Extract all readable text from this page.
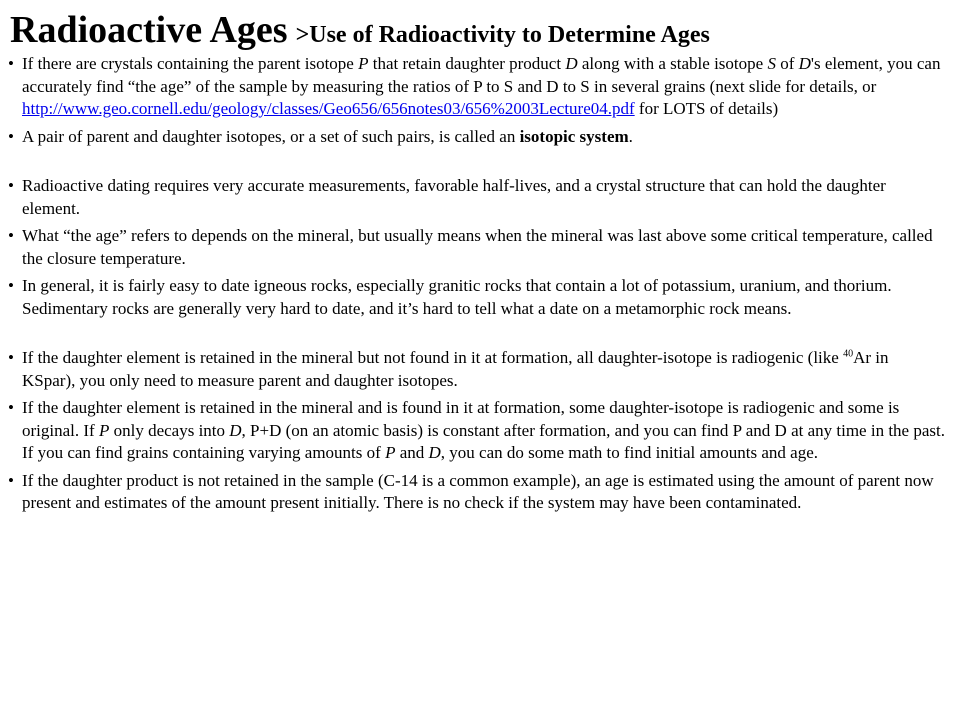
Radioactive Ages >Use of Radioactivity to Determine Ages
• If there are crystals containing the parent isotope P that retain daughter product D along with a stable isotope S of D's element, you can accurately find “the age” of the sample by measuring the ratios of P to S and D to S in several grains (next slide for details, or http://www.geo.cornell.edu/geology/classes/Geo656/656notes03/656%2003Lecture04.pdf for LOTS of details)
• A pair of parent and daughter isotopes, or a set of such pairs, is called an isotopic system.
• Radioactive dating requires very accurate measurements, favorable half-lives, and a crystal structure that can hold the daughter element.
• What “the age” refers to depends on the mineral, but usually means when the mineral was last above some critical temperature, called the closure temperature.
• In general, it is fairly easy to date igneous rocks, especially granitic rocks that contain a lot of potassium, uranium, and thorium. Sedimentary rocks are generally very hard to date, and it’s hard to tell what a date on a metamorphic rock means.
• If the daughter element is retained in the mineral but not found in it at formation, all daughter-isotope is radiogenic (like $^{40}$Ar in KSpar), you only need to measure parent and daughter isotopes.
• If the daughter element is retained in the mineral and is found in it at formation, some daughter-isotope is radiogenic and some is original. If P only decays into D, P+D (on an atomic basis) is constant after formation, and you can find P and D at any time in the past. If you can find grains containing varying amounts of P and D, you can do some math to find initial amounts and age.
• If the daughter product is not retained in the sample (C-14 is a common example), an age is estimated using the amount of parent now present and estimates of the amount present initially. There is no check if the system may have been contaminated.
